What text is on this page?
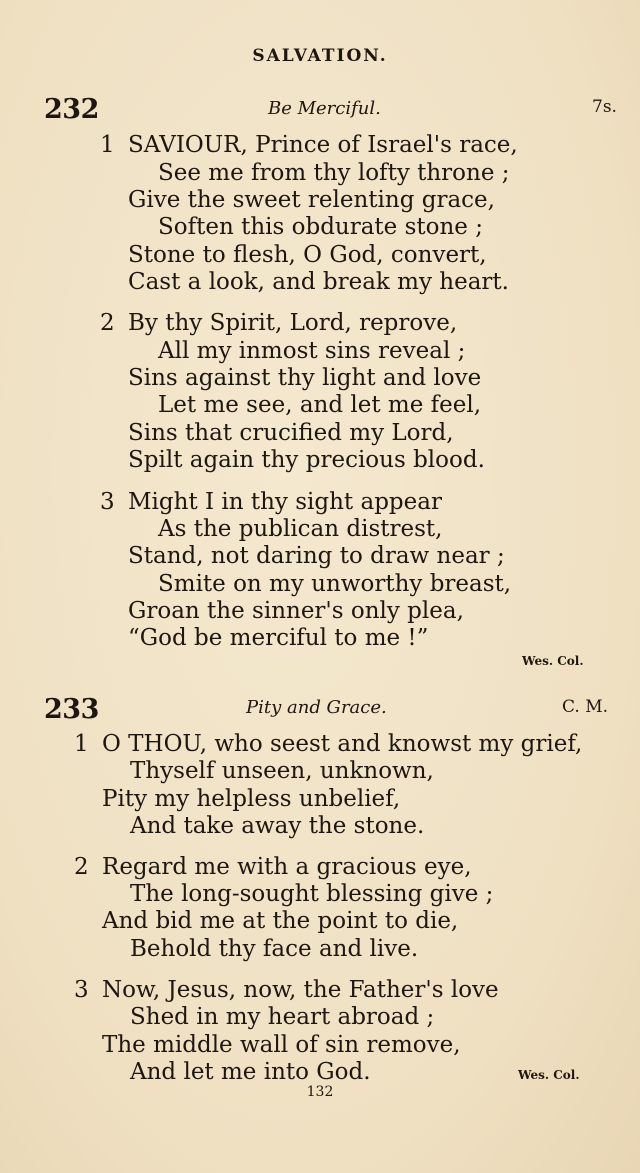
SALVATION.
232	Be Merciful.	7s.
1 SAVIOUR, Prince of Israel's race,
See me from thy lofty throne ;
Give the sweet relenting grace,
Soften this obdurate stone ;
Stone to flesh, O God, convert,
Cast a look, and break my heart.
2 By thy Spirit, Lord, reprove,
All my inmost sins reveal ;
Sins against thy light and love
Let me see, and let me feel,
Sins that crucified my Lord,
Spilt again thy precious blood.
3 Might I in thy sight appear
As the publican distrest,
Stand, not daring to draw near ;
Smite on my unworthy breast,
Groan the sinner's only plea,
“God be merciful to me !”
Wes. Col.
233	Pity and Grace.	C. M.
1 O THOU, who seest and knowst my grief,
Thyself unseen, unknown,
Pity my helpless unbelief,
And take away the stone.
2 Regard me with a gracious eye,
The long-sought blessing give ;
And bid me at the point to die,
Behold thy face and live.
3 Now, Jesus, now, the Father's love
Shed in my heart abroad ;
The middle wall of sin remove,
And let me into God.	Wes. Col.
132
